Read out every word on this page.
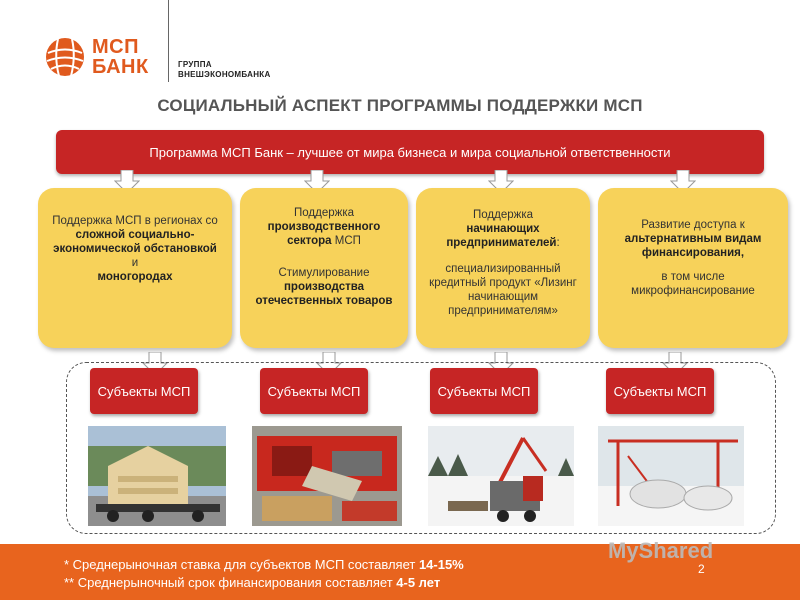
МСП
БАНК	ГРУППА
ВНЕШЭКОНОМБАНКА
СОЦИАЛЬНЫЙ АСПЕКТ ПРОГРАММЫ ПОДДЕРЖКИ МСП
Программа МСП Банк – лучшее от мира бизнеса и мира социальной ответственности

Поддержка МСП в регионах со сложной социально-экономической обстановкой

и

моногородах

Поддержка

производственного сектора МСП

Стимулирование

производства отечественных товаров

Поддержка

начинающих предпринимателей:

специализированный кредитный продукт «Лизинг начинающим предпринимателям»

Развитие доступа к

альтернативным видам финансирования,

в том числе микрофинансирование

Субъекты МСП	Субъекты МСП	Субъекты МСП	Субъекты МСП
* Среднерыночная ставка для субъектов МСП составляет 14-15%
** Среднерыночный срок финансирования составляет 4-5 лет
MyShared
2
